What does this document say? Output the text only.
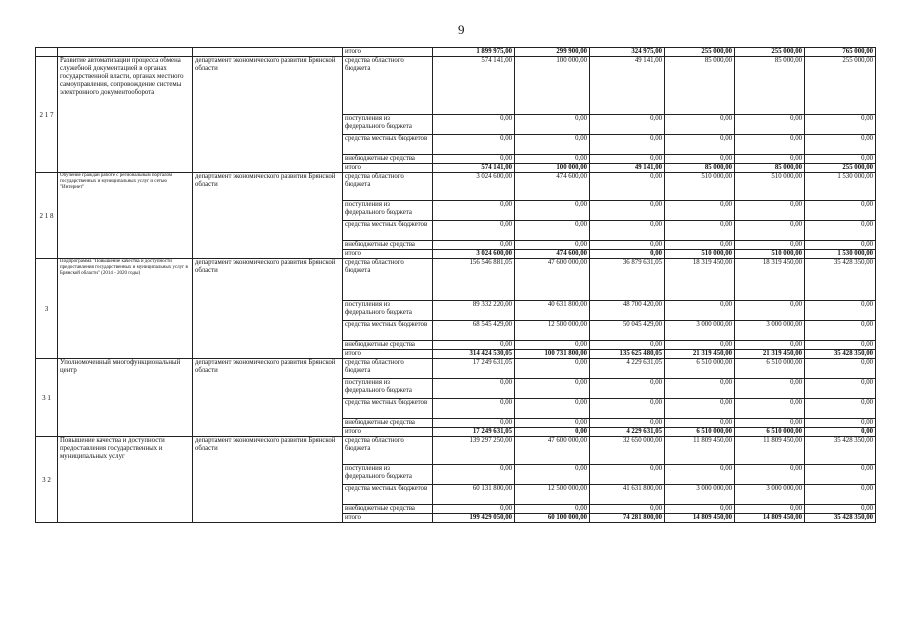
9
			итого	1 899 975,00	299 900,00	324 975,00	255 000,00	255 000,00	765 000,00
2 1 7	Развитие автоматизации процесса обмена служебной документацией в органах государственной власти, органах местного самоуправления, сопровождение системы электронного документооборота	департамент экономического развития Брянской области	средства областного бюджета	574 141,00	100 000,00	49 141,00	85 000,00	85 000,00	255 000,00
			поступления из федерального бюджета	0,00	0,00	0,00	0,00	0,00	0,00
			средства местных бюджетов	0,00	0,00	0,00	0,00	0,00	0,00
			внебюджетные средства	0,00	0,00	0,00	0,00	0,00	0,00
			итого	574 141,00	100 000,00	49 141,00	85 000,00	85 000,00	255 000,00
2 1 8	Обучение граждан работе с региональным порталом государственных и муниципальных услуг и сетью "Интернет"	департамент экономического развития Брянской области	средства областного бюджета	3 024 600,00	474 600,00	0,00	510 000,00	510 000,00	1 530 000,00
			поступления из федерального бюджета	0,00	0,00	0,00	0,00	0,00	0,00
			средства местных бюджетов	0,00	0,00	0,00	0,00	0,00	0,00
			внебюджетные средства	0,00	0,00	0,00	0,00	0,00	0,00
			итого	3 024 600,00	474 600,00	0,00	510 000,00	510 000,00	1 530 000,00
3	Подпрограмма "Повышение качества и доступности предоставления государственных и муниципальных услуг в Брянской области" (2014 - 2020 годы)	департамент экономического развития Брянской области	средства областного бюджета	156 546 881,05	47 600 000,00	36 879 631,05	18 319 450,00	18 319 450,00	35 428 350,00
			поступления из федерального бюджета	89 332 220,00	40 631 800,00	48 700 420,00	0,00	0,00	0,00
			средства местных бюджетов	68 545 429,00	12 500 000,00	50 045 429,00	3 000 000,00	3 000 000,00	0,00
			внебюджетные средства	0,00	0,00	0,00	0,00	0,00	0,00
			итого	314 424 530,05	100 731 800,00	135 625 480,05	21 319 450,00	21 319 450,00	35 428 350,00
3 1	Уполномоченный многофункциональный центр	департамент экономического развития Брянской области	средства областного бюджета	17 249 631,05	0,00	4 229 631,05	6 510 000,00	6 510 000,00	0,00
			поступления из федерального бюджета	0,00	0,00	0,00	0,00	0,00	0,00
			средства местных бюджетов	0,00	0,00	0,00	0,00	0,00	0,00
			внебюджетные средства	0,00	0,00	0,00	0,00	0,00	0,00
			итого	17 249 631,05	0,00	4 229 631,05	6 510 000,00	6 510 000,00	0,00
3 2	Повышение качества и доступности предоставления государственных и муниципальных услуг	департамент экономического развития Брянской области	средства областного бюджета	139 297 250,00	47 600 000,00	32 650 000,00	11 809 450,00	11 809 450,00	35 428 350,00
			поступления из федерального бюджета	0,00	0,00	0,00	0,00	0,00	0,00
			средства местных бюджетов	60 131 800,00	12 500 000,00	41 631 800,00	3 000 000,00	3 000 000,00	0,00
			внебюджетные средства	0,00	0,00	0,00	0,00	0,00	0,00
			итого	199 429 050,00	60 100 000,00	74 281 800,00	14 809 450,00	14 809 450,00	35 428 350,00
